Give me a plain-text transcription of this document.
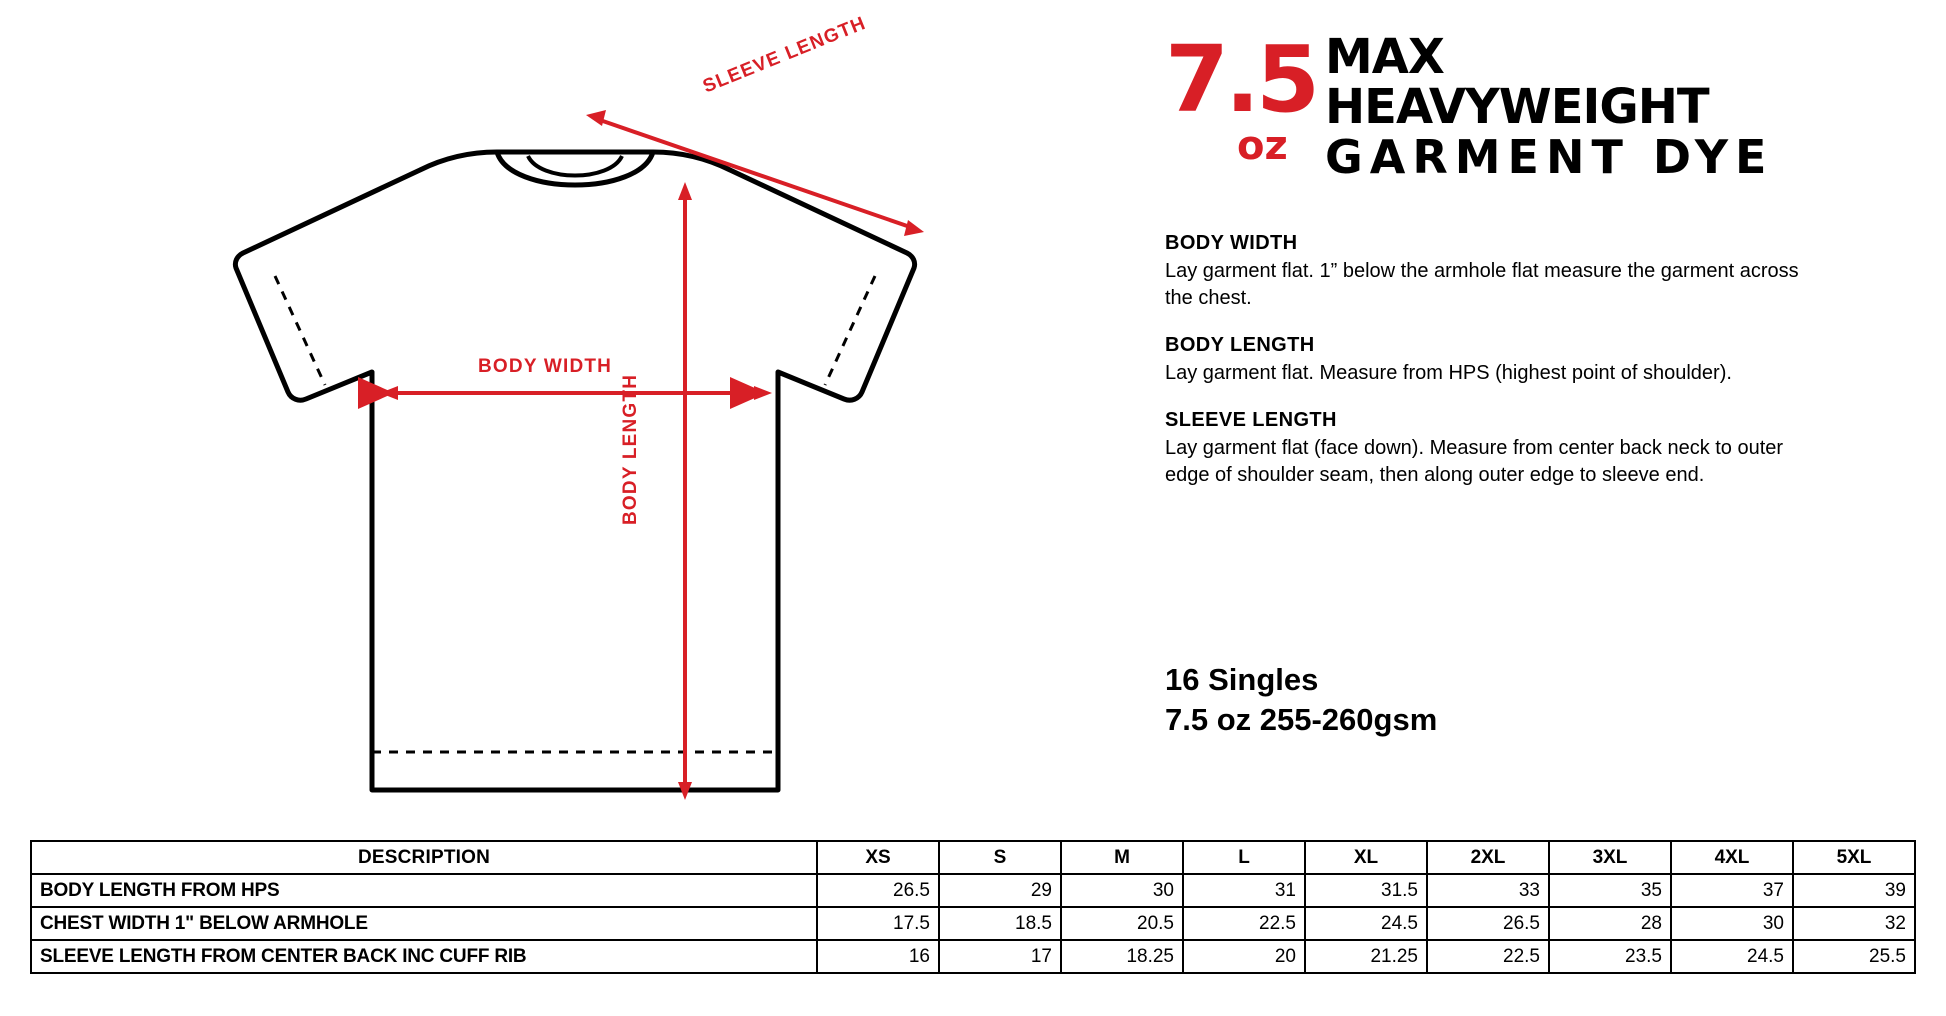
BODY WIDTH
BODY LENGTH
SLEEVE LENGTH	7.5
oz
MAX
HEAVYWEIGHT
GARMENT DYE
BODY WIDTH
Lay garment flat. 1” below the armhole flat measure the garment across the chest.
BODY LENGTH
Lay garment flat. Measure from HPS (highest point of shoulder).
SLEEVE LENGTH
Lay garment flat (face down). Measure from center back neck to outer edge of shoulder seam, then along outer edge to sleeve end.
16 Singles
7.5 oz 255-260gsm
DESCRIPTION	XS	S	M	L	XL	2XL	3XL	4XL	5XL
BODY LENGTH FROM HPS	26.5	29	30	31	31.5	33	35	37	39
CHEST WIDTH 1" BELOW ARMHOLE	17.5	18.5	20.5	22.5	24.5	26.5	28	30	32
SLEEVE LENGTH FROM CENTER BACK INC CUFF RIB	16	17	18.25	20	21.25	22.5	23.5	24.5	25.5
